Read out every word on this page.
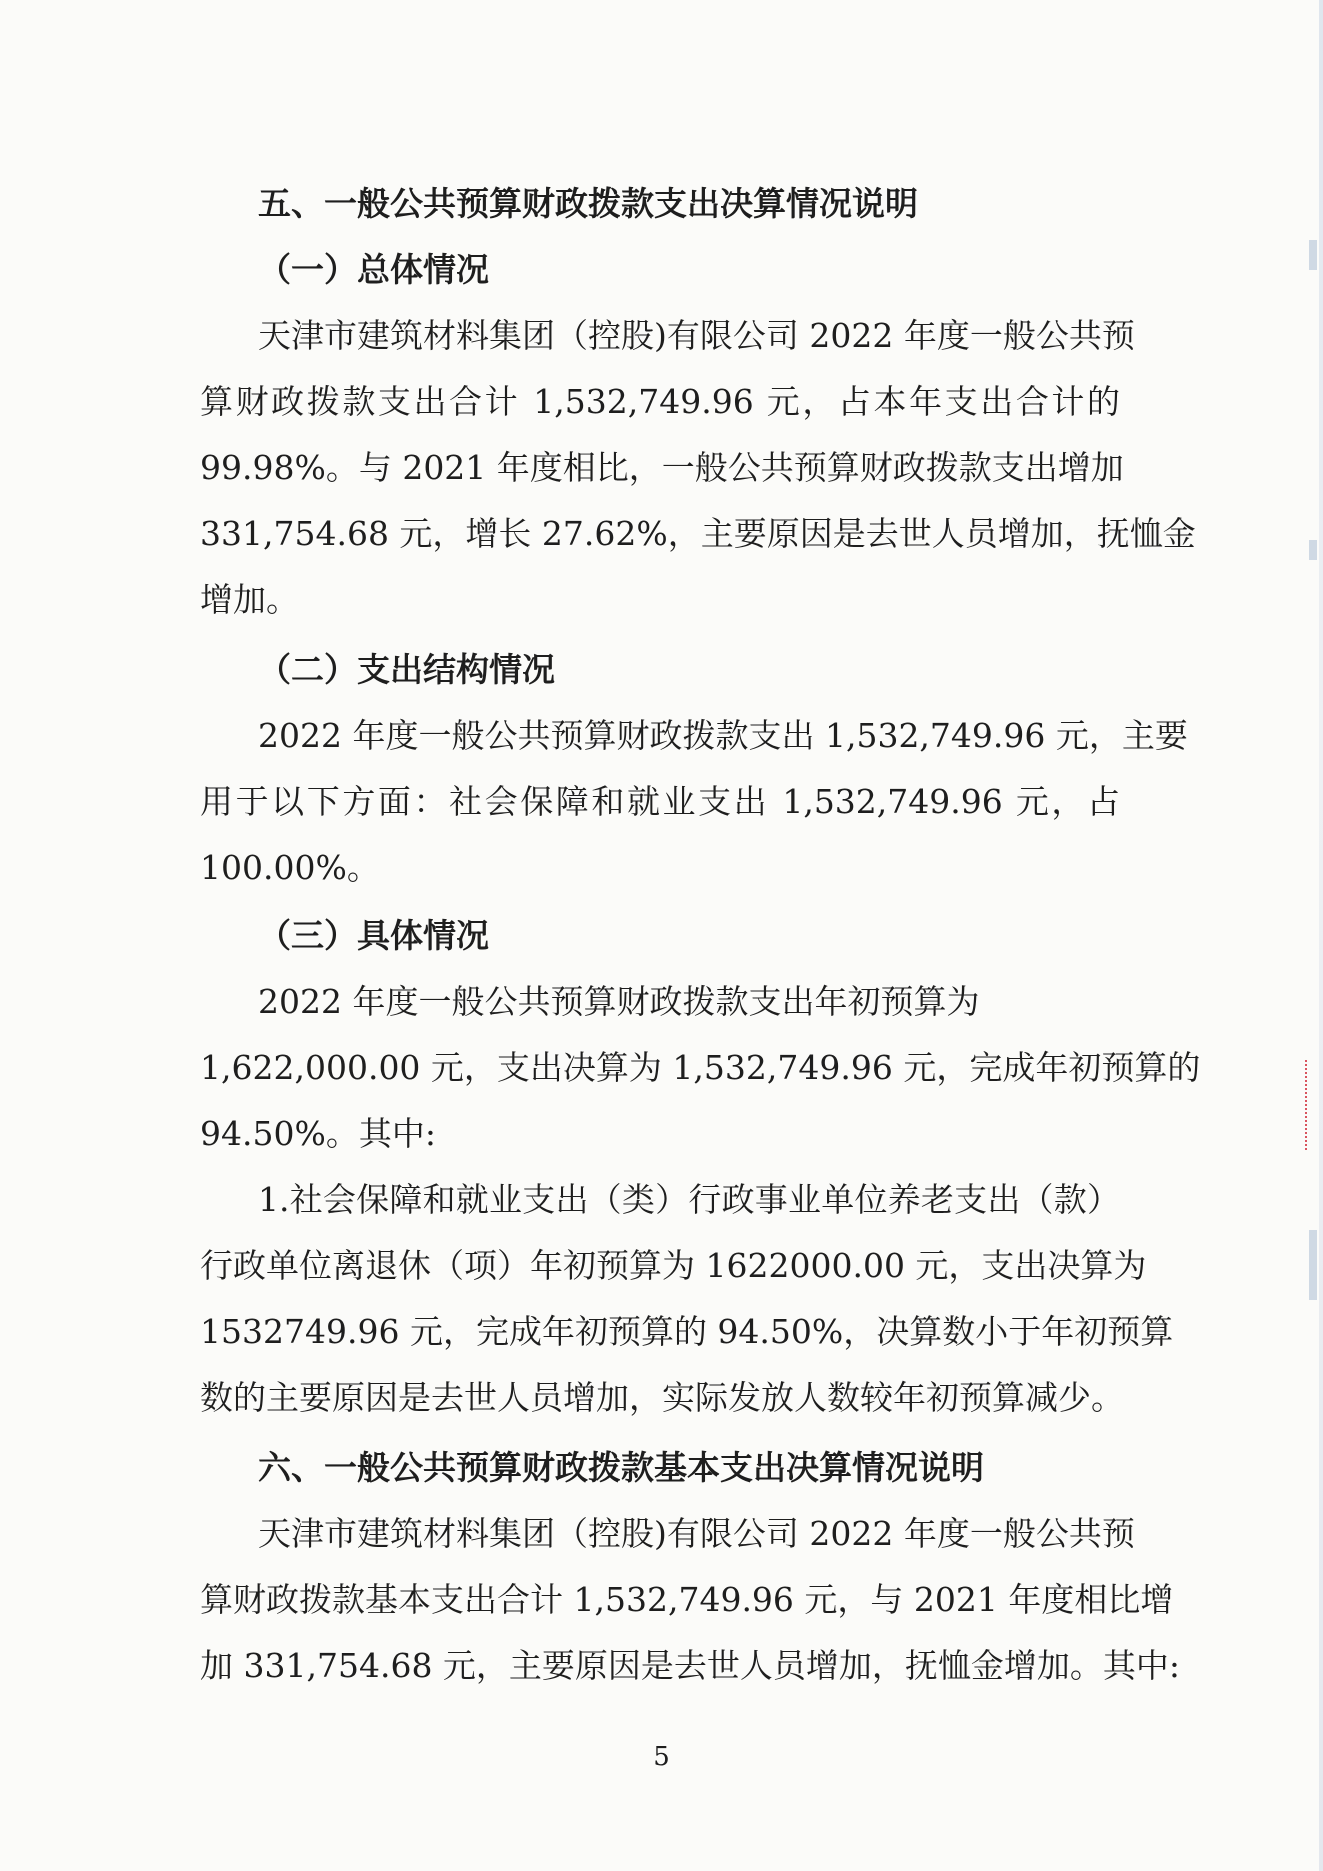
五、一般公共预算财政拨款支出决算情况说明
（一）总体情况
天津市建筑材料集团（控股)有限公司 2022 年度一般公共预
算财政拨款支出合计 1,532,749.96 元，占本年支出合计的
99.98%。与 2021 年度相比，一般公共预算财政拨款支出增加
331,754.68 元，增长 27.62%，主要原因是去世人员增加，抚恤金
增加。
（二）支出结构情况
2022 年度一般公共预算财政拨款支出 1,532,749.96 元，主要
用于以下方面：社会保障和就业支出 1,532,749.96 元，占
100.00%。
（三）具体情况
2022 年度一般公共预算财政拨款支出年初预算为
1,622,000.00 元，支出决算为 1,532,749.96 元，完成年初预算的
94.50%。其中:
1.社会保障和就业支出（类）行政事业单位养老支出（款）
行政单位离退休（项）年初预算为 1622000.00 元，支出决算为
1532749.96 元，完成年初预算的 94.50%，决算数小于年初预算
数的主要原因是去世人员增加，实际发放人数较年初预算减少。
六、一般公共预算财政拨款基本支出决算情况说明
天津市建筑材料集团（控股)有限公司 2022 年度一般公共预
算财政拨款基本支出合计 1,532,749.96 元，与 2021 年度相比增
加 331,754.68 元，主要原因是去世人员增加，抚恤金增加。其中:
5
